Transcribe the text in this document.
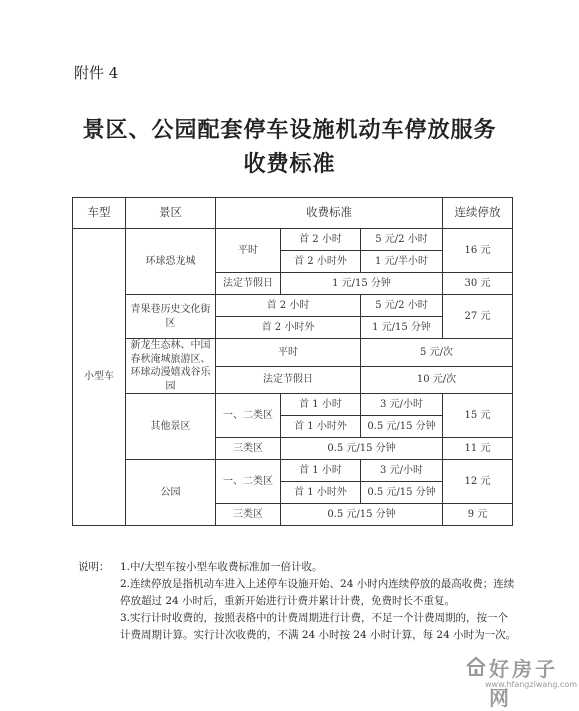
附件 4
景区、公园配套停车设施机动车停放服务
收费标准
车型	景区	收费标准			连续停放
小型车	环球恐龙城	平时	首 2 小时	5 元/2 小时	16 元
			首 2 小时外	1 元/半小时	
		法定节假日	1 元/15 分钟		30 元
	青果巷历史文化街区	首 2 小时		5 元/2 小时	27 元
		首 2 小时外		1 元/15 分钟	
	新龙生态林、中国春秋淹城旅游区、环球动漫嬉戏谷乐园	平时		5 元/次	
		法定节假日		10 元/次	
	其他景区	一、二类区	首 1 小时	3 元/小时	15 元
			首 1 小时外	0.5 元/15 分钟	
		三类区	0.5 元/15 分钟		11 元
	公园	一、二类区	首 1 小时	3 元/小时	12 元
			首 1 小时外	0.5 元/15 分钟	
		三类区	0.5 元/15 分钟		9 元
说明：	1.中/大型车按小型车收费标准加一倍计收。
2.连续停放是指机动车进入上述停车设施开始、24 小时内连续停放的最高收费；连续停放超过 24 小时后，重新开始进行计费并累计计费，免费时长不重复。
3.实行计时收费的，按照表格中的计费周期进行计费，不足一个计费周期的，按一个计费周期计算。实行计次收费的，不满 24 小时按 24 小时计算，每 24 小时为一次。
好房子网
www.hfangziwang.com
